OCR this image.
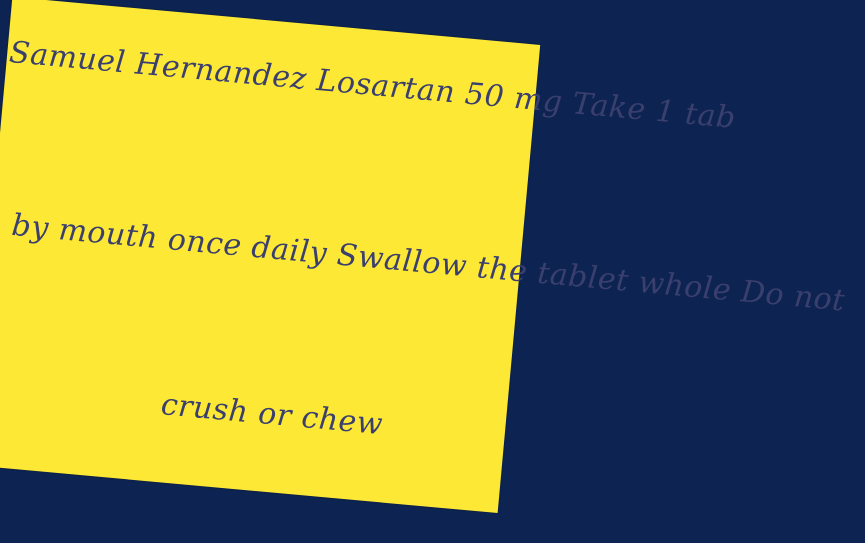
Samuel Hernandez Losartan 50 mg Take 1 tab
by mouth once daily Swallow the tablet whole Do not
crush or chew
